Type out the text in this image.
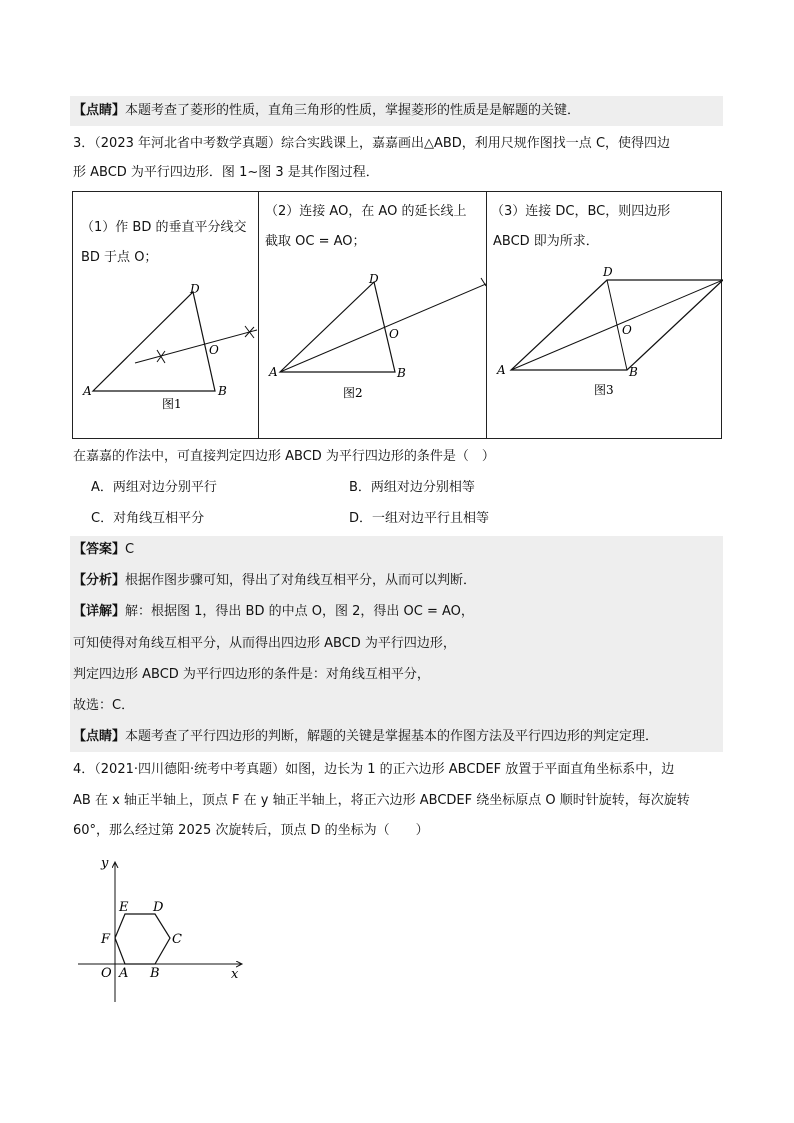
【点睛】本题考查了菱形的性质，直角三角形的性质，掌握菱形的性质是是解题的关键．
3．（2023 年河北省中考数学真题）综合实践课上，嘉嘉画出△ABD，利用尺规作图找一点 C，使得四边
形 ABCD 为平行四边形．图 1~图 3 是其作图过程．
（1）作 BD 的垂直平分线交
BD 于点 O；
（2）连接 AO，在 AO 的延长线上
截取 OC = AO；
（3）连接 DC，BC，则四边形
ABCD 即为所求．
A	B
D
O
图1
A	B
D
O
图2
A	B
D
O
图3
在嘉嘉的作法中，可直接判定四边形 ABCD 为平行四边形的条件是（　）
A．两组对边分别平行	B．两组对边分别相等
C．对角线互相平分	D．一组对边平行且相等
【答案】C
【分析】根据作图步骤可知，得出了对角线互相平分，从而可以判断．
【详解】解：根据图 1，得出 BD 的中点 O，图 2，得出 OC = AO，
可知使得对角线互相平分，从而得出四边形 ABCD 为平行四边形，
判定四边形 ABCD 为平行四边形的条件是：对角线互相平分，
故选：C．
【点睛】本题考查了平行四边形的判断，解题的关键是掌握基本的作图方法及平行四边形的判定定理．
4．（2021·四川德阳·统考中考真题）如图，边长为 1 的正六边形 ABCDEF 放置于平面直角坐标系中，边
AB 在 x 轴正半轴上，顶点 F 在 y 轴正半轴上，将正六边形 ABCDEF 绕坐标原点 O 顺时针旋转，每次旋转
60°，那么经过第 2025 次旋转后，顶点 D 的坐标为（　　）
y
x
O A B
C
D
E
F
